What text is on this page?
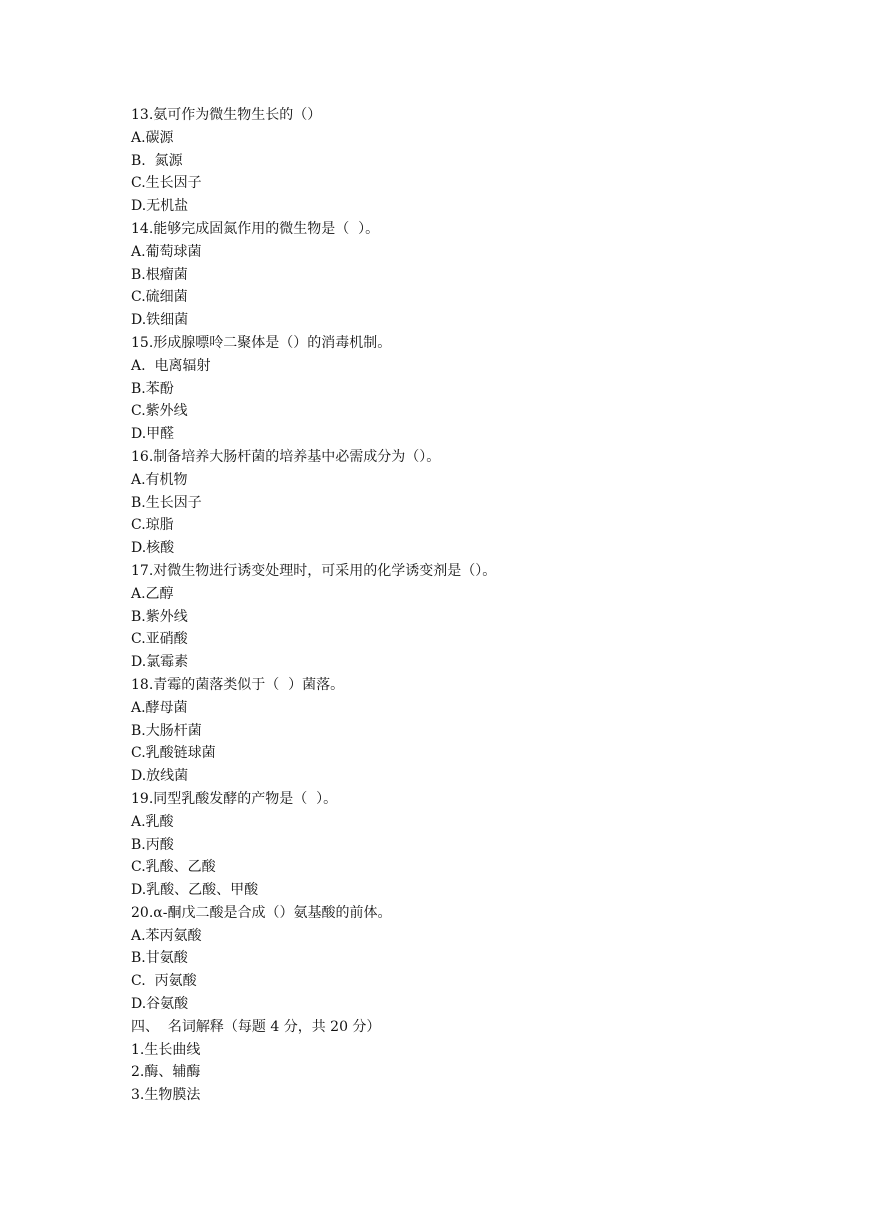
13.氨可作为微生物生长的（）
A.碳源
B.  氮源
C.生长因子
D.无机盐
14.能够完成固氮作用的微生物是（  ）。
A.葡萄球菌
B.根瘤菌
C.硫细菌
D.铁细菌
15.形成腺嘌呤二聚体是（）的消毒机制。
A.  电离辐射
B.苯酚
C.紫外线
D.甲醛
16.制备培养大肠杆菌的培养基中必需成分为（）。
A.有机物
B.生长因子
C.琼脂
D.核酸
17.对微生物进行诱变处理时，可采用的化学诱变剂是（）。
A.乙醇
B.紫外线
C.亚硝酸
D.氯霉素
18.青霉的菌落类似于（  ）菌落。
A.酵母菌
B.大肠杆菌
C.乳酸链球菌
D.放线菌
19.同型乳酸发酵的产物是（  ）。
A.乳酸
B.丙酸
C.乳酸、乙酸
D.乳酸、乙酸、甲酸
20.α-酮戊二酸是合成（）氨基酸的前体。
A.苯丙氨酸
B.甘氨酸
C.  丙氨酸
D.谷氨酸
四、  名词解释（每题 4 分，共 20 分）
1.生长曲线
2.酶、辅酶
3.生物膜法
